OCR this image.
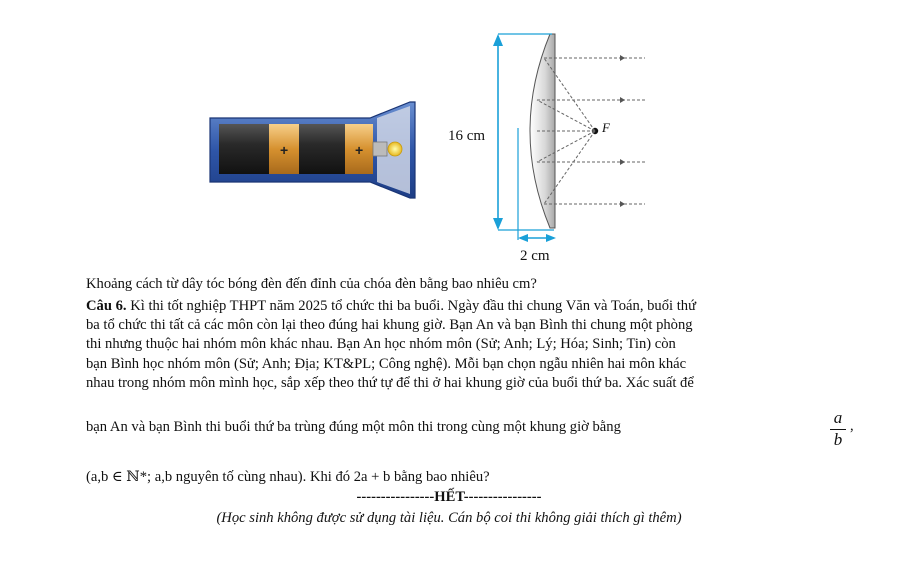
+	+
F
16 cm
2 cm
Khoảng cách từ dây tóc bóng đèn đến đỉnh của chóa đèn bằng bao nhiêu cm?
Câu 6. Kì thi tốt nghiệp THPT năm 2025 tổ chức thi ba buổi. Ngày đầu thi chung Văn và Toán, buổi thứ
ba tổ chức thi tất cả các môn còn lại theo đúng hai khung giờ. Bạn An và bạn Bình thi chung một phòng
thi nhưng thuộc hai nhóm môn khác nhau. Bạn An học nhóm môn (Sử; Anh; Lý; Hóa; Sinh; Tin) còn
bạn Bình học nhóm môn (Sử; Anh; Địa; KT&PL; Công nghệ). Mỗi bạn chọn ngẫu nhiên hai môn khác
nhau trong nhóm môn mình học, sắp xếp theo thứ tự để thi ở hai khung giờ của buổi thứ ba. Xác suất để
bạn An và bạn Bình thi buổi thứ ba trùng đúng một môn thi trong cùng một khung giờ bằng	a
b
,
(a,b ∈ ℕ*; a,b nguyên tố cùng nhau). Khi đó 2a + b bằng bao nhiêu?
----------------HẾT----------------
(Học sinh không được sử dụng tài liệu. Cán bộ coi thi không giải thích gì thêm)
